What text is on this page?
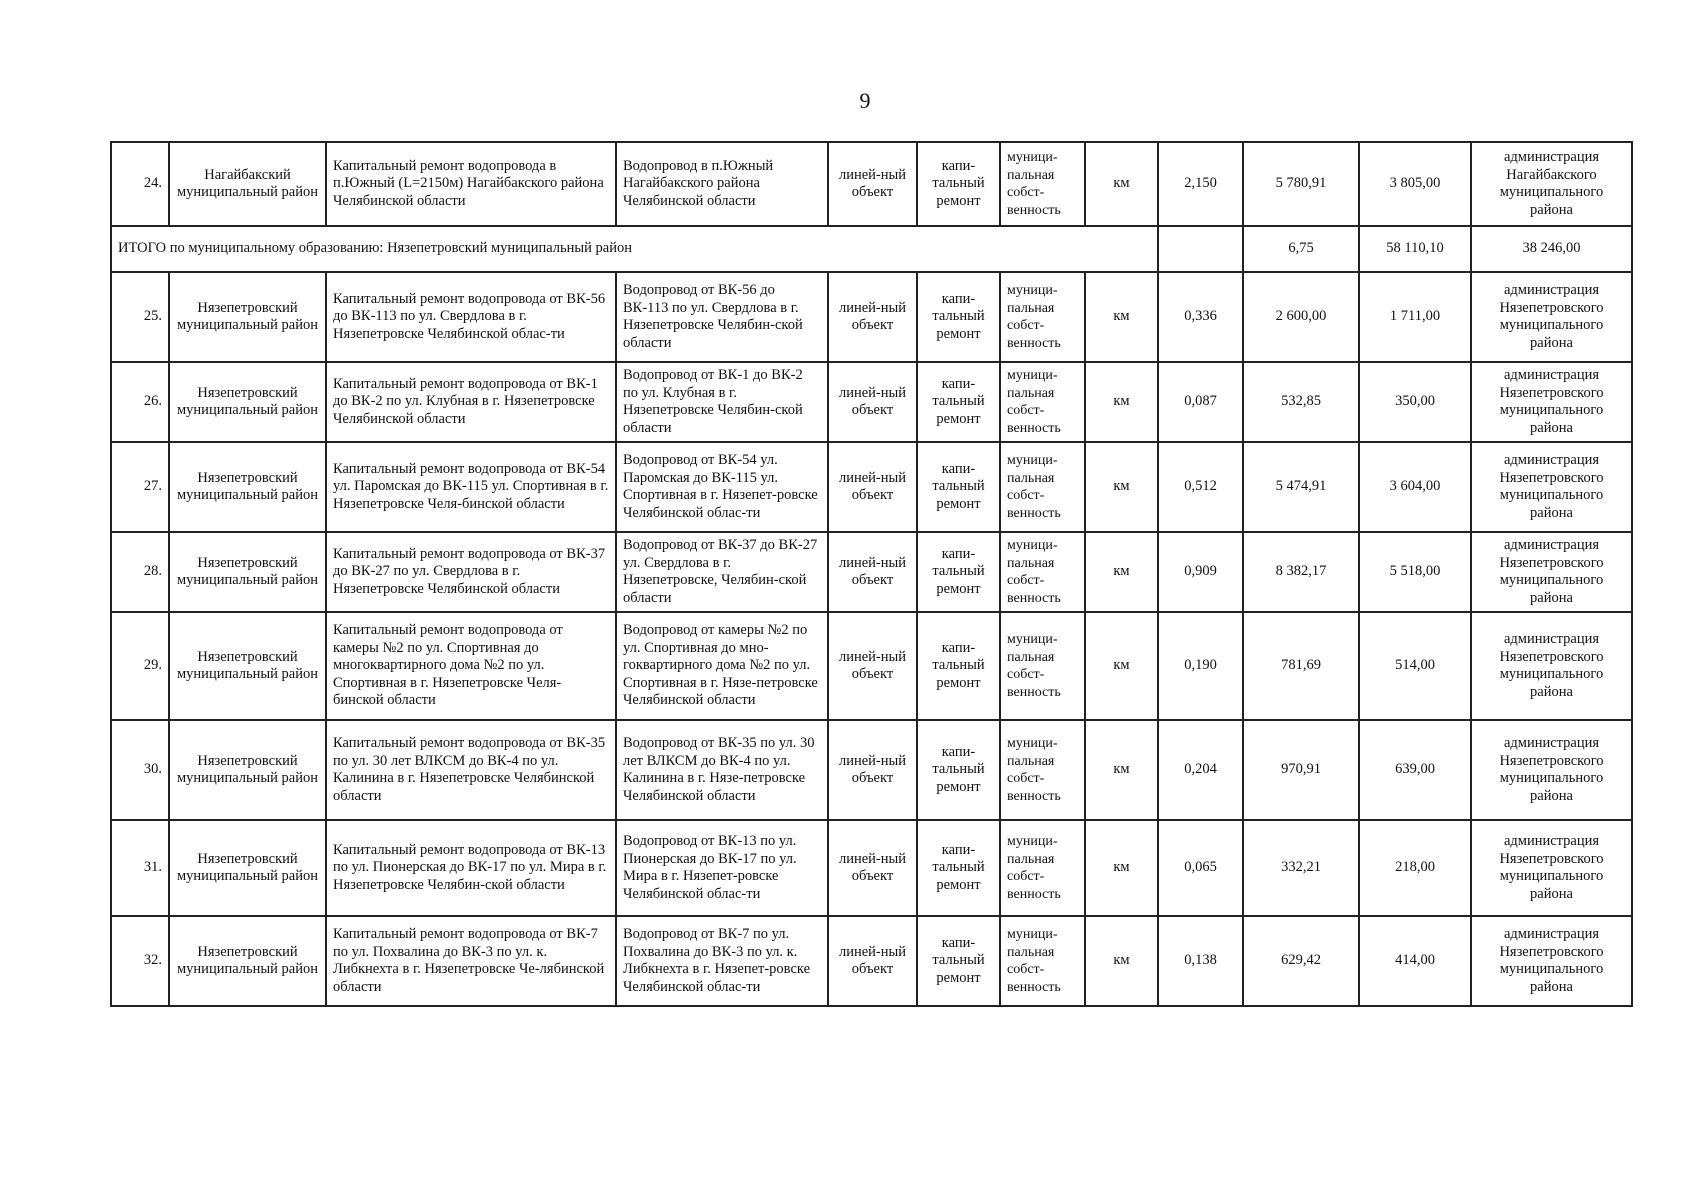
9
24.	Нагайбакский муниципальный район	Капитальный ремонт водопровода в п.Южный (L=2150м) Нагайбакского района Челябинской области	Водопровод в п.Южный Нагайбакского района Челябинской области	линей-ный объект	капи-тальный ремонт	муници-пальная собст-венность	км	2,150	5 780,91	3 805,00	администрация Нагайбакского муниципального района	
ИТОГО по муниципальному образованию: Нязепетровский муниципальный район									6,75	58 110,10	38 246,00	
25.	Нязепетровский муниципальный район	Капитальный ремонт водопровода от ВК-56 до ВК-113 по ул. Свердлова в г. Нязепетровске Челябинской облас-ти	Водопровод от ВК-56 до ВК-113 по ул. Свердлова в г. Нязепетровске Челябин-ской области	линей-ный объект	капи-тальный ремонт	муници-пальная собст-венность	км	0,336	2 600,00	1 711,00	администрация Нязепетровского муниципального района	
26.	Нязепетровский муниципальный район	Капитальный ремонт водопровода от ВК-1 до ВК-2 по ул. Клубная в г. Нязепетровске Челябинской области	Водопровод от ВК-1 до ВК-2 по ул. Клубная в г. Нязепетровске Челябин-ской области	линей-ный объект	капи-тальный ремонт	муници-пальная собст-венность	км	0,087	532,85	350,00	администрация Нязепетровского муниципального района	
27.	Нязепетровский муниципальный район	Капитальный ремонт водопровода от ВК-54 ул. Паромская до ВК-115 ул. Спортивная в г. Нязепетровске Челя-бинской области	Водопровод от ВК-54 ул. Паромская до ВК-115 ул. Спортивная в г. Нязепет-ровске Челябинской облас-ти	линей-ный объект	капи-тальный ремонт	муници-пальная собст-венность	км	0,512	5 474,91	3 604,00	администрация Нязепетровского муниципального района	
28.	Нязепетровский муниципальный район	Капитальный ремонт водопровода от ВК-37 до ВК-27 по ул. Свердлова в г. Нязепетровске Челябинской области	Водопровод от ВК-37 до ВК-27 ул. Свердлова в г. Нязепетровске, Челябин-ской области	линей-ный объект	капи-тальный ремонт	муници-пальная собст-венность	км	0,909	8 382,17	5 518,00	администрация Нязепетровского муниципального района	
29.	Нязепетровский муниципальный район	Капитальный ремонт водопровода от камеры №2 по ул. Спортивная до многоквартирного дома №2 по ул. Спортивная в г. Нязепетровске Челя-бинской области	Водопровод от камеры №2 по ул. Спортивная до мно-гоквартирного дома №2 по ул. Спортивная в г. Нязе-петровске Челябинской области	линей-ный объект	капи-тальный ремонт	муници-пальная собст-венность	км	0,190	781,69	514,00	администрация Нязепетровского муниципального района	
30.	Нязепетровский муниципальный район	Капитальный ремонт водопровода от ВК-35 по ул. 30 лет ВЛКСМ до ВК-4 по ул. Калинина в г. Нязепетровске Челябинской области	Водопровод от ВК-35 по ул. 30 лет ВЛКСМ до ВК-4 по ул. Калинина в г. Нязе-петровске Челябинской области	линей-ный объект	капи-тальный ремонт	муници-пальная собст-венность	км	0,204	970,91	639,00	администрация Нязепетровского муниципального района	
31.	Нязепетровский муниципальный район	Капитальный ремонт водопровода от ВК-13 по ул. Пионерская до ВК-17 по ул. Мира в г. Нязепетровске Челябин-ской области	Водопровод от ВК-13 по ул. Пионерская до ВК-17 по ул. Мира в г. Нязепет-ровске Челябинской облас-ти	линей-ный объект	капи-тальный ремонт	муници-пальная собст-венность	км	0,065	332,21	218,00	администрация Нязепетровского муниципального района	
32.	Нязепетровский муниципальный район	Капитальный ремонт водопровода от ВК-7 по ул. Похвалина до ВК-3 по ул. к. Либкнехта в г. Нязепетровске Че-лябинской области	Водопровод от ВК-7 по ул. Похвалина до ВК-3 по ул. к. Либкнехта в г. Нязепет-ровске Челябинской облас-ти	линей-ный объект	капи-тальный ремонт	муници-пальная собст-венность	км	0,138	629,42	414,00	администрация Нязепетровского муниципального района	
